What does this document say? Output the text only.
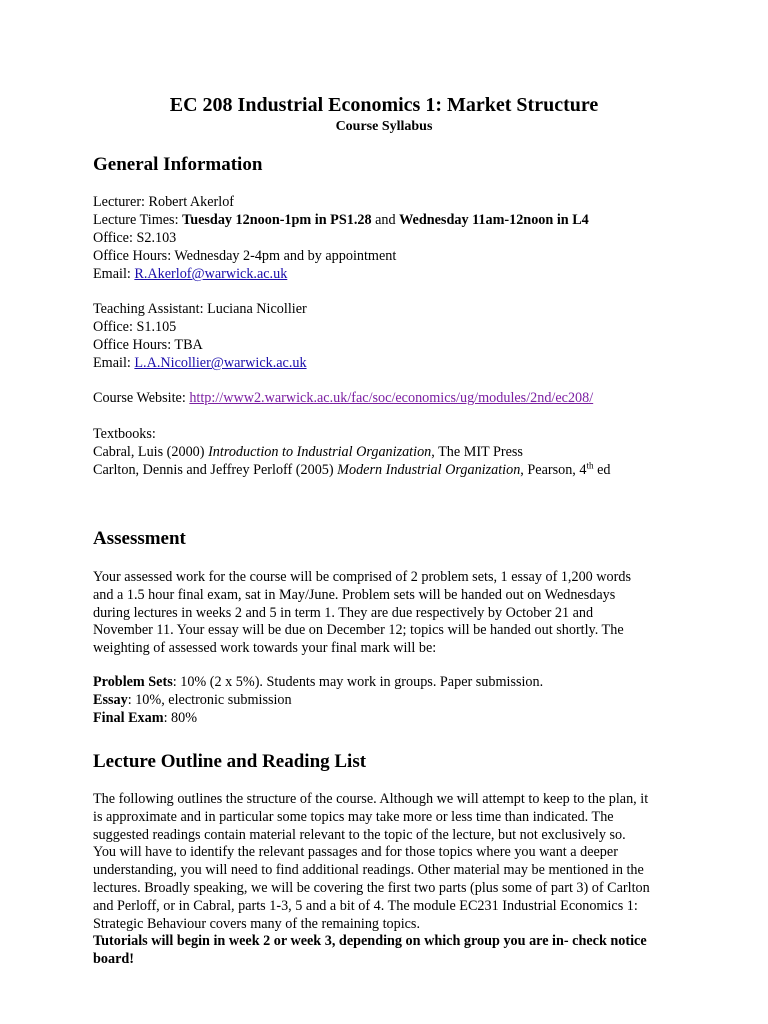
EC 208 Industrial Economics 1: Market Structure
Course Syllabus
General Information
Lecturer: Robert Akerlof
Lecture Times: Tuesday 12noon-1pm in PS1.28 and Wednesday 11am-12noon in L4
Office: S2.103
Office Hours: Wednesday 2-4pm and by appointment
Email: R.Akerlof@warwick.ac.uk
Teaching Assistant: Luciana Nicollier
Office: S1.105
Office Hours: TBA
Email: L.A.Nicollier@warwick.ac.uk
Course Website: http://www2.warwick.ac.uk/fac/soc/economics/ug/modules/2nd/ec208/
Textbooks:
Cabral, Luis (2000) Introduction to Industrial Organization, The MIT Press
Carlton, Dennis and Jeffrey Perloff (2005) Modern Industrial Organization, Pearson, 4th ed
Assessment
Your assessed work for the course will be comprised of 2 problem sets, 1 essay of 1,200 words
and a 1.5 hour final exam, sat in May/June. Problem sets will be handed out on Wednesdays
during lectures in weeks 2 and 5 in term 1. They are due respectively by October 21 and
November 11. Your essay will be due on December 12; topics will be handed out shortly. The
weighting of assessed work towards your final mark will be:
Problem Sets: 10% (2 x 5%). Students may work in groups. Paper submission.
Essay: 10%, electronic submission
Final Exam: 80%
Lecture Outline and Reading List
The following outlines the structure of the course. Although we will attempt to keep to the plan, it
is approximate and in particular some topics may take more or less time than indicated. The
suggested readings contain material relevant to the topic of the lecture, but not exclusively so.
You will have to identify the relevant passages and for those topics where you want a deeper
understanding, you will need to find additional readings. Other material may be mentioned in the
lectures. Broadly speaking, we will be covering the first two parts (plus some of part 3) of Carlton
and Perloff, or in Cabral, parts 1-3, 5 and a bit of 4. The module EC231 Industrial Economics 1:
Strategic Behaviour covers many of the remaining topics.
Tutorials will begin in week 2 or week 3, depending on which group you are in- check notice
board!
